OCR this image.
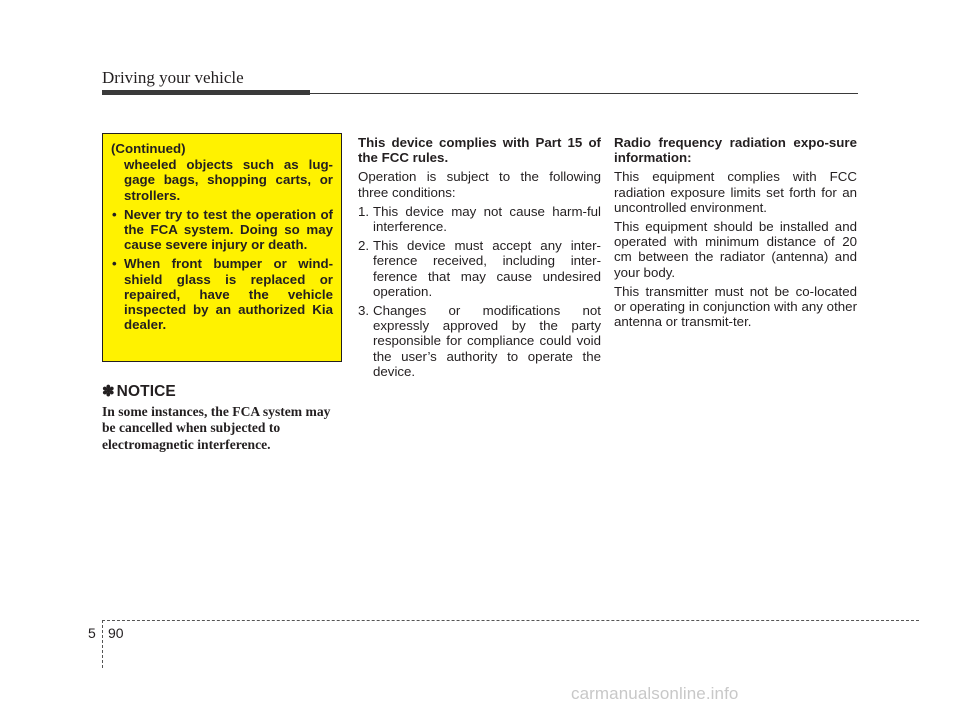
Driving your vehicle
(Continued)
wheeled objects such as lug-gage bags, shopping carts, or strollers.
• Never try to test the operation of the FCA system. Doing so may cause severe injury or death.
• When front bumper or wind-shield glass is replaced or repaired, have the vehicle inspected by an authorized Kia dealer.
✽ NOTICE
In some instances, the FCA system may be cancelled when subjected to electromagnetic interference.
This device complies with Part 15 of the FCC rules.
Operation is subject to the following three conditions:
1. This device may not cause harm-ful interference.
2. This device must accept any inter-ference received, including inter-ference that may cause undesired operation.
3. Changes or modifications not expressly approved by the party responsible for compliance could void the user’s authority to operate the device.
Radio frequency radiation expo-sure information:
This equipment complies with FCC radiation exposure limits set forth for an uncontrolled environment.
This equipment should be installed and operated with minimum distance of 20 cm between the radiator (antenna) and your body.
This transmitter must not be co-located or operating in conjunction with any other antenna or transmit-ter.
5 90
carmanualsonline.info
